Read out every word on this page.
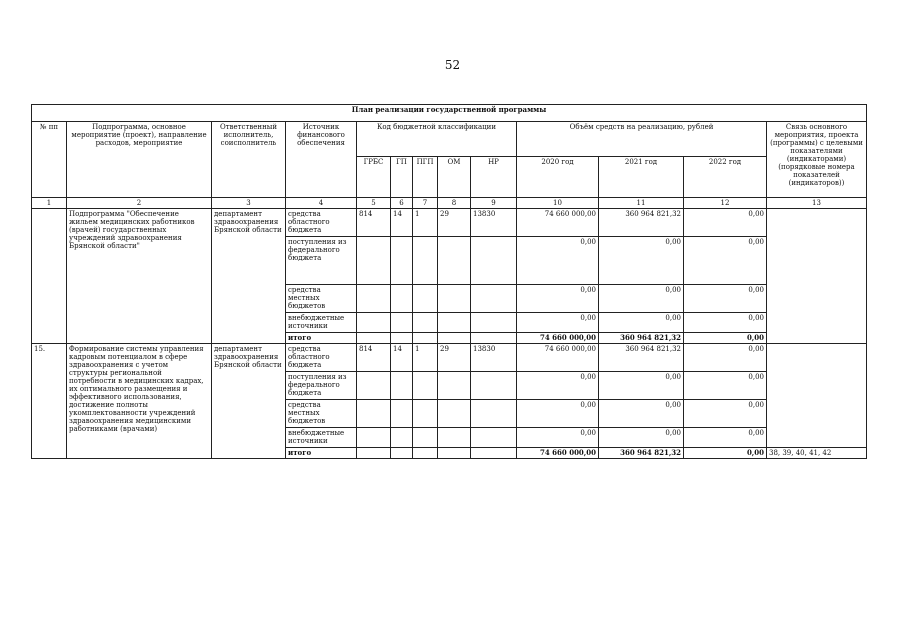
52
План реализации государственной программы												
№ пп	Подпрограмма, основное мероприятие (проект), направление расходов, мероприятие	Ответственный исполнитель, соисполнитель	Источник финансового обеспечения	Код бюджетной классификации					Объём средств на реализацию, рублей			Связь основного мероприятия, проекта (программы) с целевыми показателями (индикаторами) (порядковые номера показателей (индикаторов))
				ГРБС	ГП	ПГП	ОМ	НР	2020 год	2021 год	2022 год	
1	2	3	4	5	6	7	8	9	10	11	12	13
	Подпрограмма "Обеспечение жильем медицинских работников (врачей) государственных учреждений здравоохранения Брянской области"	департамент здравоохранения Брянской области	средства областного бюджета	814	14	1	29	13830	74 660 000,00	360 964 821,32	0,00	
			поступления из федерального бюджета						0,00	0,00	0,00	
			средства местных бюджетов						0,00	0,00	0,00	
			внебюджетные источники						0,00	0,00	0,00	
			итого						74 660 000,00	360 964 821,32	0,00	
15.	Формирование системы управления кадровым потенциалом в сфере здравоохранения с учетом структуры региональной потребности в медицинских кадрах, их оптимального размещения и эффективного использования, достижение полноты укомплектованности учреждений здравоохранения медицинскими работниками (врачами)	департамент здравоохранения Брянской области	средства областного бюджета	814	14	1	29	13830	74 660 000,00	360 964 821,32	0,00	
			поступления из федерального бюджета						0,00	0,00	0,00	
			средства местных бюджетов						0,00	0,00	0,00	
			внебюджетные источники						0,00	0,00	0,00	
			итого						74 660 000,00	360 964 821,32	0,00	38, 39, 40, 41, 42
